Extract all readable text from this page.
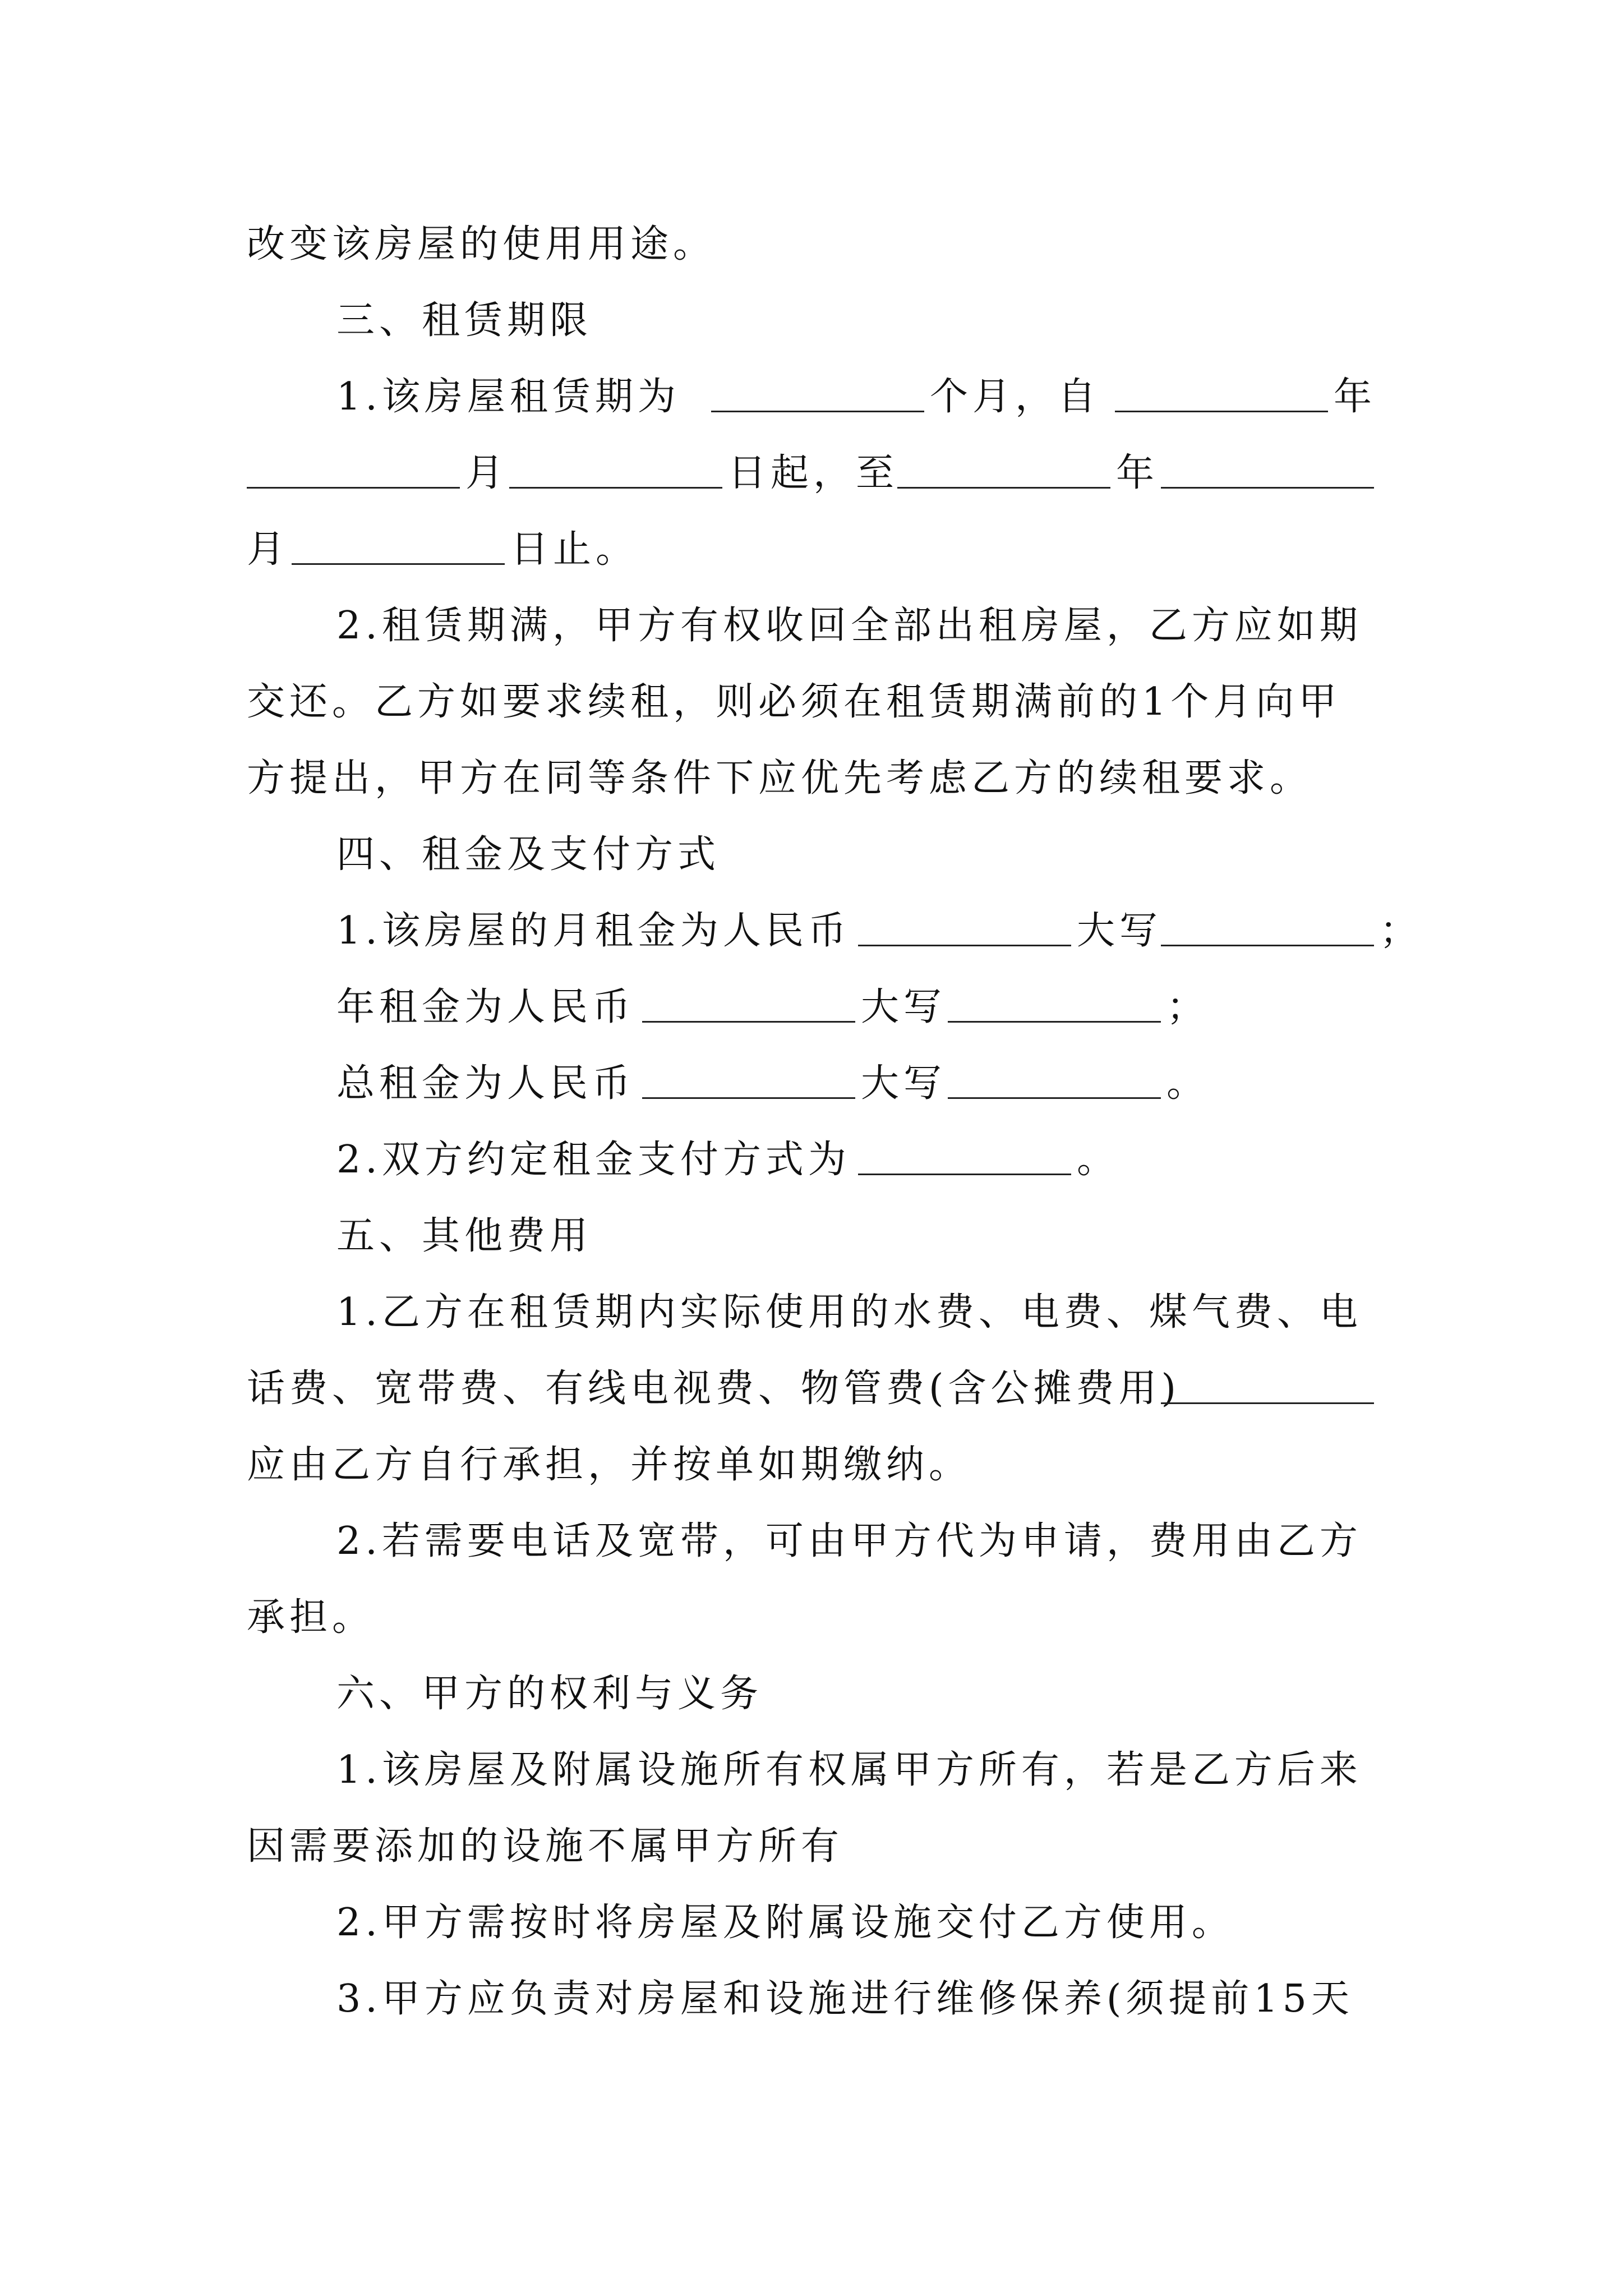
改变该房屋的使用用途。
三、租赁期限
1.该房屋租赁期为	个月，自	年
月	日起，至	年
月	日止。
2.租赁期满，甲方有权收回全部出租房屋，乙方应如期
交还。乙方如要求续租，则必须在租赁期满前的1个月向甲
方提出，甲方在同等条件下应优先考虑乙方的续租要求。
四、租金及支付方式
1.该房屋的月租金为人民币	大写	；
年租金为人民币	大写	；
总租金为人民币	大写	。
2.双方约定租金支付方式为	。
五、其他费用
1.乙方在租赁期内实际使用的水费、电费、煤气费、电
话费、宽带费、有线电视费、物管费(含公摊费用)
应由乙方自行承担，并按单如期缴纳。
2.若需要电话及宽带，可由甲方代为申请，费用由乙方
承担。
六、甲方的权利与义务
1.该房屋及附属设施所有权属甲方所有，若是乙方后来
因需要添加的设施不属甲方所有
2.甲方需按时将房屋及附属设施交付乙方使用。
3.甲方应负责对房屋和设施进行维修保养(须提前15天
